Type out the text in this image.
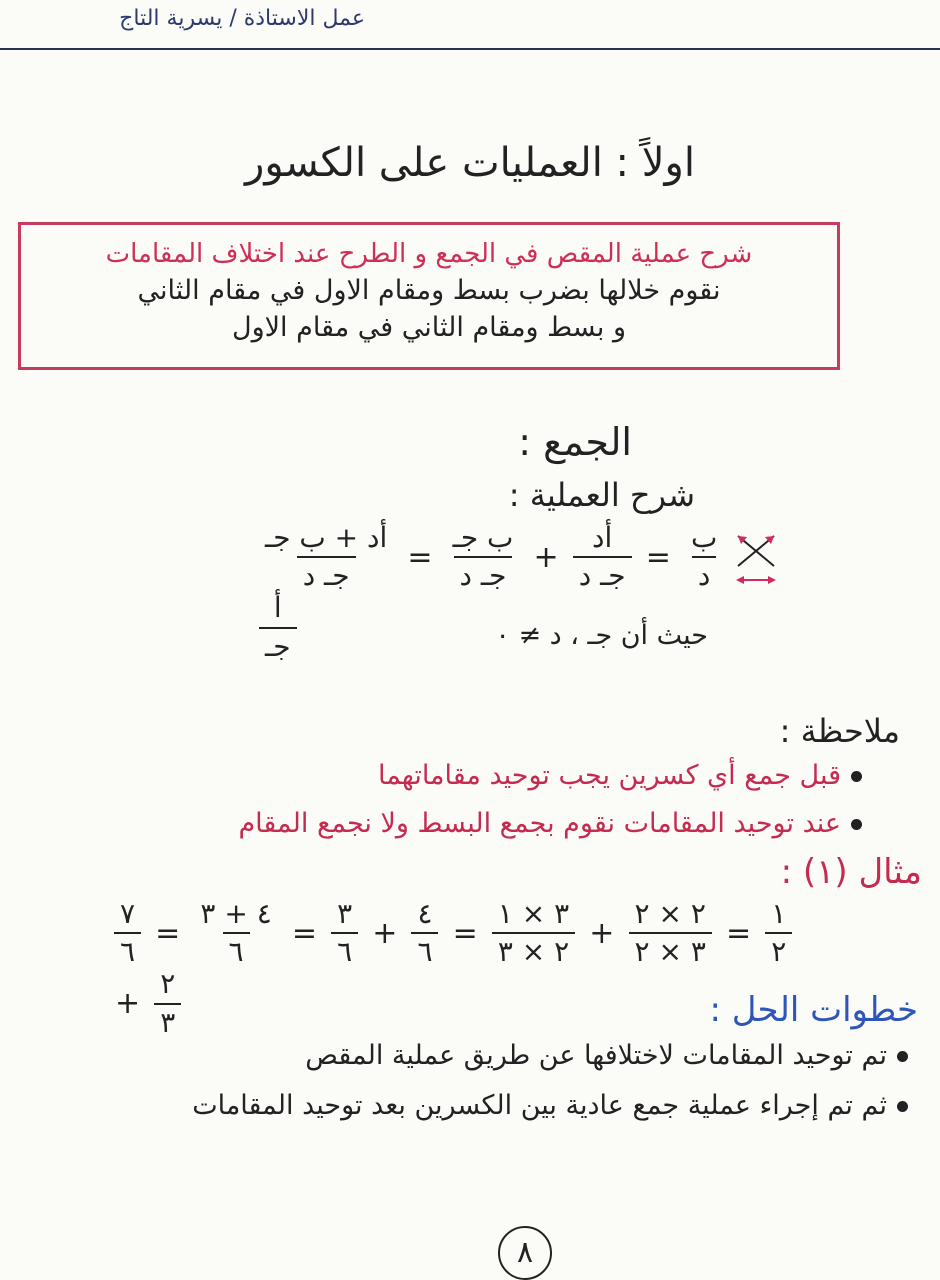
عمل الاستاذة / يسرية التاج
اولاً : العمليات على الكسور
شرح عملية المقص في الجمع و الطرح عند اختلاف المقامات
نقوم خلالها بضرب بسط ومقام الاول في مقام الثاني
و بسط ومقام الثاني في مقام الاول
الجمع :
شرح العملية :
$\frac{\text{أد + ب جـ}}{\text{جـ د}} = \frac{\text{ب جـ}}{\text{جـ د}} + \frac{\text{أد}}{\text{جـ د}} = \frac{\text{ب}}{\text{د}}$

$\frac{\text{أ}}{\text{جـ}}$	حيث أن جـ ، د ≠ ٠
ملاحظة :
قبل جمع أي كسرين يجب توحيد مقاماتهما
عند توحيد المقامات نقوم بجمع البسط ولا نجمع المقام
مثال (١) :
$\frac{٧}{٦} = \frac{٤ + ٣}{٦} = \frac{٣}{٦} + \frac{٤}{٦} = \frac{٣ \times ١}{٢ \times ٣} + \frac{٢ \times ٢}{٣ \times ٢} = \frac{١}{٢}$
+ $\frac{٢}{٣}$	خطوات الحل :
تم توحيد المقامات لاختلافها عن طريق عملية المقص
ثم تم إجراء عملية جمع عادية بين الكسرين بعد توحيد المقامات
٨
